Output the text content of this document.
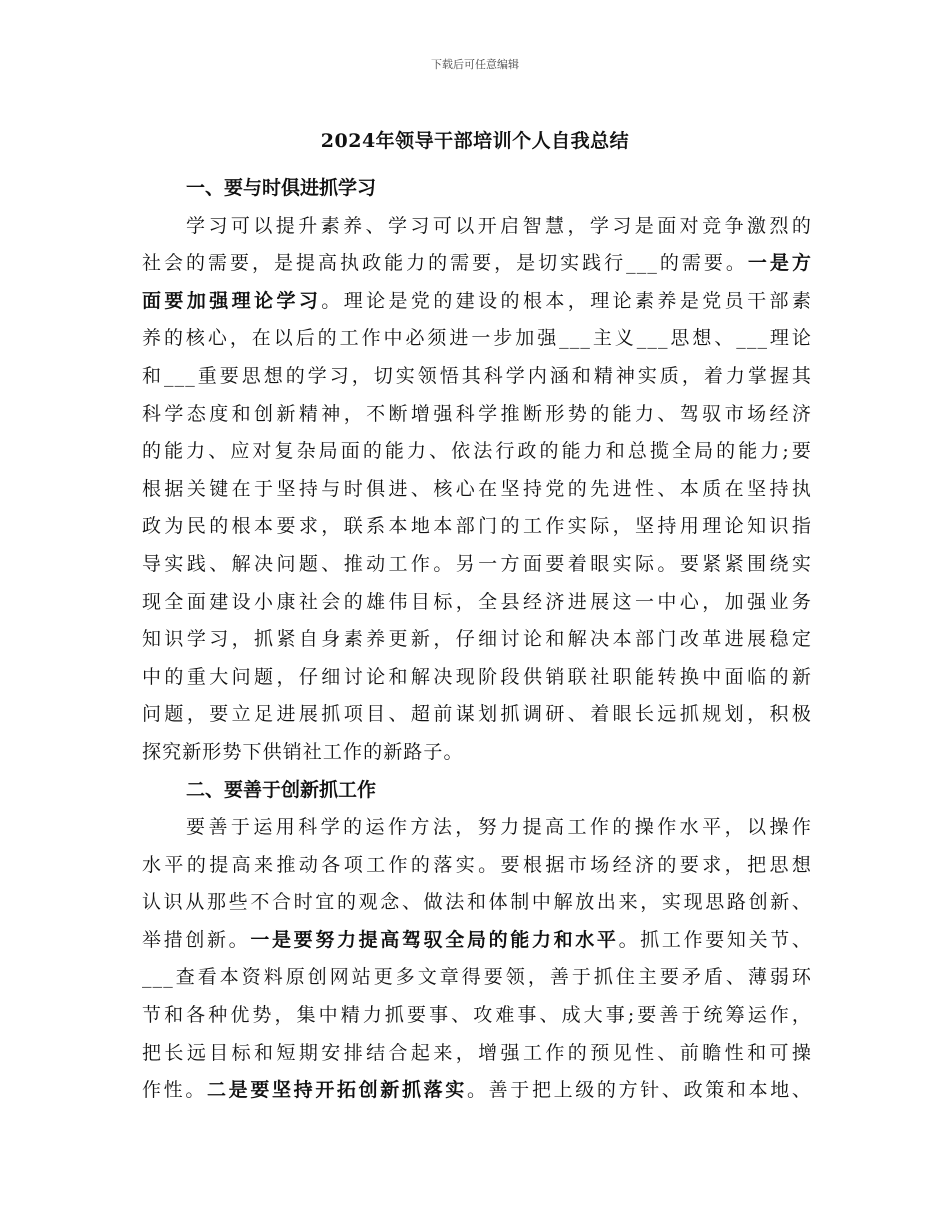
下载后可任意编辑
2024年领导干部培训个人自我总结
一、要与时俱进抓学习
学习可以提升素养、学习可以开启智慧，学习是面对竞争激烈的
社会的需要，是提高执政能力的需要，是切实践行___的需要。一是方
面要加强理论学习。理论是党的建设的根本，理论素养是党员干部素
养的核心，在以后的工作中必须进一步加强___主义___思想、___理论
和___重要思想的学习，切实领悟其科学内涵和精神实质，着力掌握其
科学态度和创新精神，不断增强科学推断形势的能力、驾驭市场经济
的能力、应对复杂局面的能力、依法行政的能力和总揽全局的能力;要
根据关键在于坚持与时俱进、核心在坚持党的先进性、本质在坚持执
政为民的根本要求，联系本地本部门的工作实际，坚持用理论知识指
导实践、解决问题、推动工作。另一方面要着眼实际。要紧紧围绕实
现全面建设小康社会的雄伟目标，全县经济进展这一中心，加强业务
知识学习，抓紧自身素养更新，仔细讨论和解决本部门改革进展稳定
中的重大问题，仔细讨论和解决现阶段供销联社职能转换中面临的新
问题，要立足进展抓项目、超前谋划抓调研、着眼长远抓规划，积极
探究新形势下供销社工作的新路子。
二、要善于创新抓工作
要善于运用科学的运作方法，努力提高工作的操作水平，以操作
水平的提高来推动各项工作的落实。要根据市场经济的要求，把思想
认识从那些不合时宜的观念、做法和体制中解放出来，实现思路创新、
举措创新。一是要努力提高驾驭全局的能力和水平。抓工作要知关节、
___查看本资料原创网站更多文章得要领，善于抓住主要矛盾、薄弱环
节和各种优势，集中精力抓要事、攻难事、成大事;要善于统筹运作，
把长远目标和短期安排结合起来，增强工作的预见性、前瞻性和可操
作性。二是要坚持开拓创新抓落实。善于把上级的方针、政策和本地、
